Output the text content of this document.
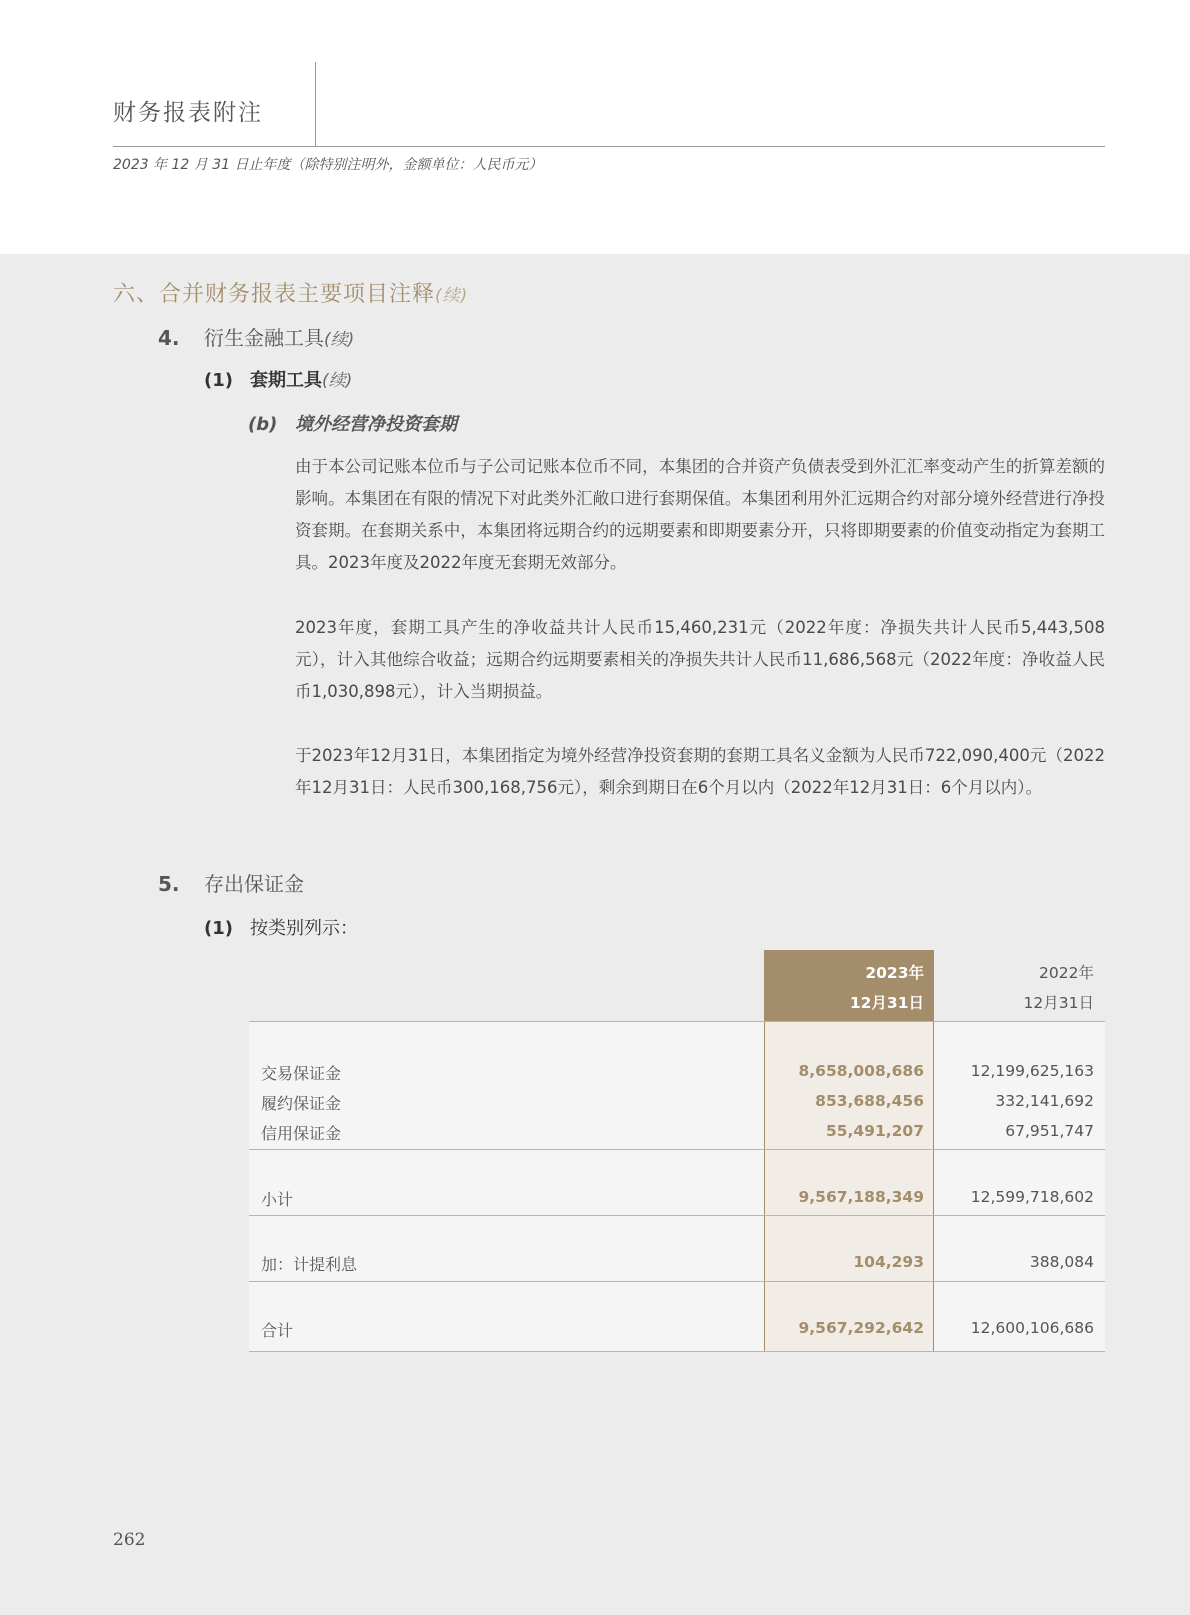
财务报表附注
2023 年 12 月 31 日止年度（除特别注明外，金额单位：人民币元）
六、合并财务报表主要项目注释(续)
4. 衍生金融工具(续)
(1) 套期工具(续)
(b) 境外经营净投资套期
由于本公司记账本位币与子公司记账本位币不同，本集团的合并资产负债表受到外汇汇率变动产生的折算差额的影响。本集团在有限的情况下对此类外汇敞口进行套期保值。本集团利用外汇远期合约对部分境外经营进行净投资套期。在套期关系中，本集团将远期合约的远期要素和即期要素分开，只将即期要素的价值变动指定为套期工具。2023年度及2022年度无套期无效部分。
2023年度，套期工具产生的净收益共计人民币15,460,231元（2022年度：净损失共计人民币5,443,508元），计入其他综合收益；远期合约远期要素相关的净损失共计人民币11,686,568元（2022年度：净收益人民币1,030,898元），计入当期损益。
于2023年12月31日，本集团指定为境外经营净投资套期的套期工具名义金额为人民币722,090,400元（2022年12月31日：人民币300,168,756元），剩余到期日在6个月以内（2022年12月31日：6个月以内）。
5. 存出保证金
(1) 按类别列示：
2023年
12月31日
2022年
12月31日
交易保证金	8,658,008,686	12,199,625,163
履约保证金	853,688,456	332,141,692
信用保证金	55,491,207	67,951,747
小计	9,567,188,349	12,599,718,602
加：计提利息	104,293	388,084
合计	9,567,292,642	12,600,106,686
262
